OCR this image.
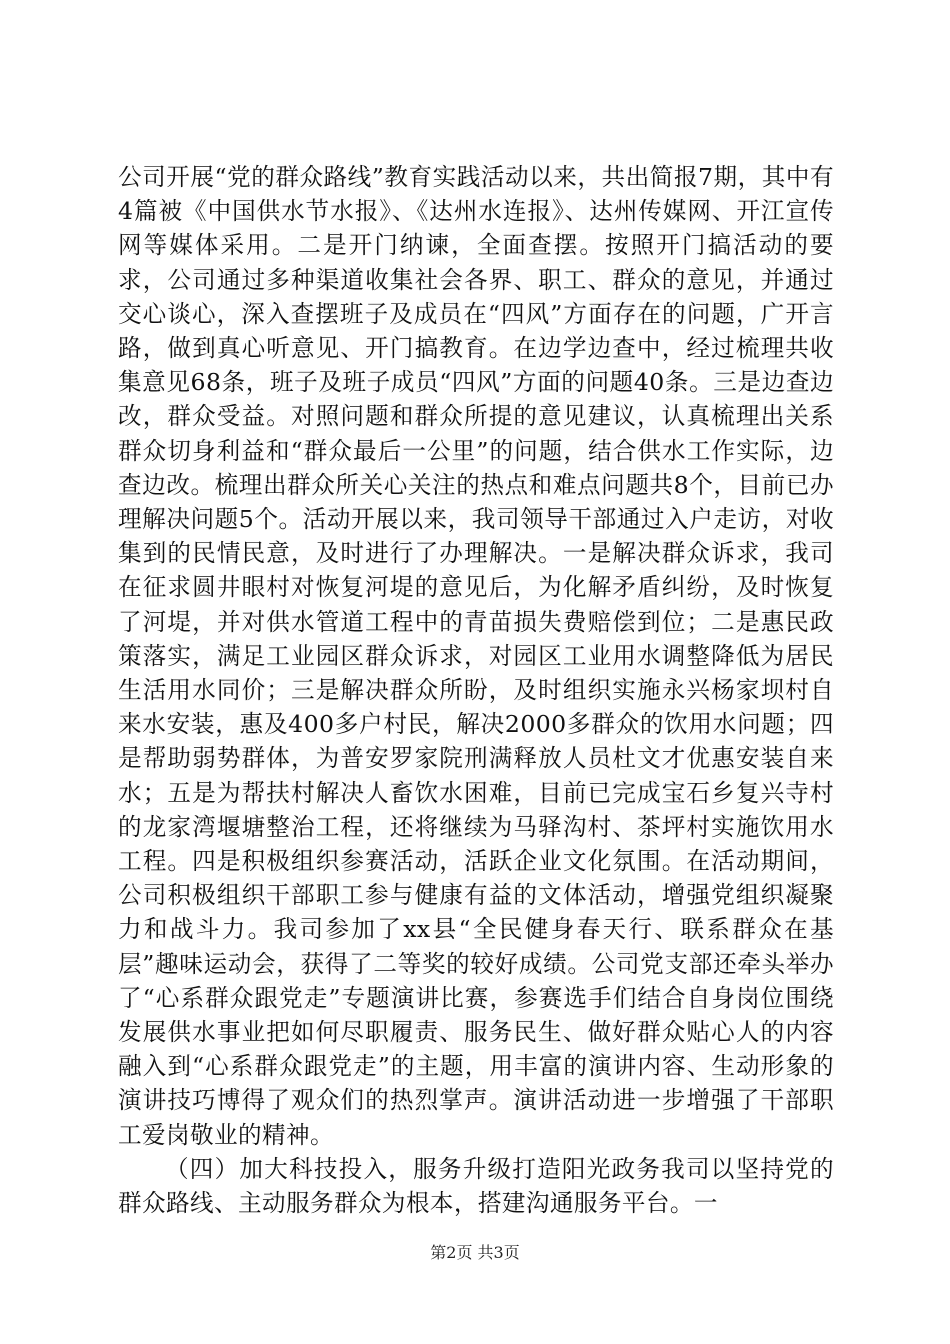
公司开展“党的群众路线”教育实践活动以来，共出简报7期，其中有4篇被《中国供水节水报》、《达州水连报》、达州传媒网、开江宣传网等媒体采用。二是开门纳谏，全面查摆。按照开门搞活动的要求，公司通过多种渠道收集社会各界、职工、群众的意见，并通过交心谈心，深入查摆班子及成员在“四风”方面存在的问题，广开言路，做到真心听意见、开门搞教育。在边学边查中，经过梳理共收集意见68条，班子及班子成员“四风”方面的问题40条。三是边查边改，群众受益。对照问题和群众所提的意见建议，认真梳理出关系群众切身利益和“群众最后一公里”的问题，结合供水工作实际，边查边改。梳理出群众所关心关注的热点和难点问题共8个，目前已办理解决问题5个。活动开展以来，我司领导干部通过入户走访，对收集到的民情民意，及时进行了办理解决。一是解决群众诉求，我司在征求圆井眼村对恢复河堤的意见后，为化解矛盾纠纷，及时恢复了河堤，并对供水管道工程中的青苗损失费赔偿到位；二是惠民政策落实，满足工业园区群众诉求，对园区工业用水调整降低为居民生活用水同价；三是解决群众所盼，及时组织实施永兴杨家坝村自来水安装，惠及400多户村民，解决2000多群众的饮用水问题；四是帮助弱势群体，为普安罗家院刑满释放人员杜文才优惠安装自来水；五是为帮扶村解决人畜饮水困难，目前已完成宝石乡复兴寺村的龙家湾堰塘整治工程，还将继续为马驿沟村、茶坪村实施饮用水工程。四是积极组织参赛活动，活跃企业文化氛围。在活动期间，公司积极组织干部职工参与健康有益的文体活动，增强党组织凝聚力和战斗力。我司参加了xx县“全民健身春天行、联系群众在基层”趣味运动会，获得了二等奖的较好成绩。公司党支部还牵头举办了“心系群众跟党走”专题演讲比赛，参赛选手们结合自身岗位围绕发展供水事业把如何尽职履责、服务民生、做好群众贴心人的内容融入到“心系群众跟党走”的主题，用丰富的演讲内容、生动形象的演讲技巧博得了观众们的热烈掌声。演讲活动进一步增强了干部职工爱岗敬业的精神。

（四）加大科技投入，服务升级打造阳光政务我司以坚持党的群众路线、主动服务群众为根本，搭建沟通服务平台。一

第2页 共3页
